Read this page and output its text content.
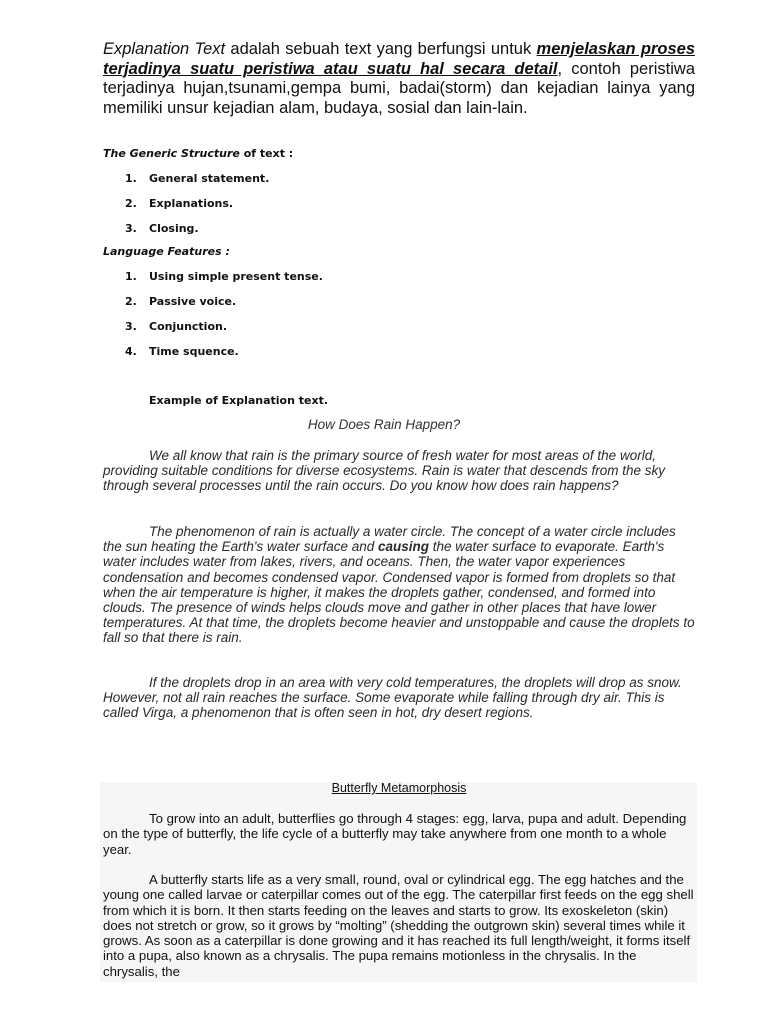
Explanation Text adalah sebuah text yang berfungsi untuk menjelaskan proses terjadinya suatu peristiwa atau suatu hal secara detail, contoh peristiwa terjadinya hujan,tsunami,gempa bumi, badai(storm) dan kejadian lainya yang memiliki unsur kejadian alam, budaya, sosial dan lain-lain.

The Generic Structure of text :
1. General statement.
2. Explanations.
3. Closing.
Language Features :
1. Using simple present tense.
2. Passive voice.
3. Conjunction.
4. Time squence.
Example of Explanation text.
How Does Rain Happen?

We all know that rain is the primary source of fresh water for most areas of the world, providing suitable conditions for diverse ecosystems. Rain is water that descends from the sky through several processes until the rain occurs. Do you know how does rain happens?

The phenomenon of rain is actually a water circle. The concept of a water circle includes the sun heating the Earth's water surface and causing the water surface to evaporate. Earth's water includes water from lakes, rivers, and oceans. Then, the water vapor experiences condensation and becomes condensed vapor. Condensed vapor is formed from droplets so that when the air temperature is higher, it makes the droplets gather, condensed, and formed into clouds. The presence of winds helps clouds move and gather in other places that have lower temperatures. At that time, the droplets become heavier and unstoppable and cause the droplets to fall so that there is rain.

If the droplets drop in an area with very cold temperatures, the droplets will drop as snow. However, not all rain reaches the surface. Some evaporate while falling through dry air. This is called Virga, a phenomenon that is often seen in hot, dry desert regions.

Butterfly Metamorphosis

To grow into an adult, butterflies go through 4 stages: egg, larva, pupa and adult. Depending on the type of butterfly, the life cycle of a butterfly may take anywhere from one month to a whole year.

A butterfly starts life as a very small, round, oval or cylindrical egg. The egg hatches and the young one called larvae or caterpillar comes out of the egg. The caterpillar first feeds on the egg shell from which it is born. It then starts feeding on the leaves and starts to grow. Its exoskeleton (skin) does not stretch or grow, so it grows by “molting” (shedding the outgrown skin) several times while it grows. As soon as a caterpillar is done growing and it has reached its full length/weight, it forms itself into a pupa, also known as a chrysalis. The pupa remains motionless in the chrysalis. In the chrysalis, the
